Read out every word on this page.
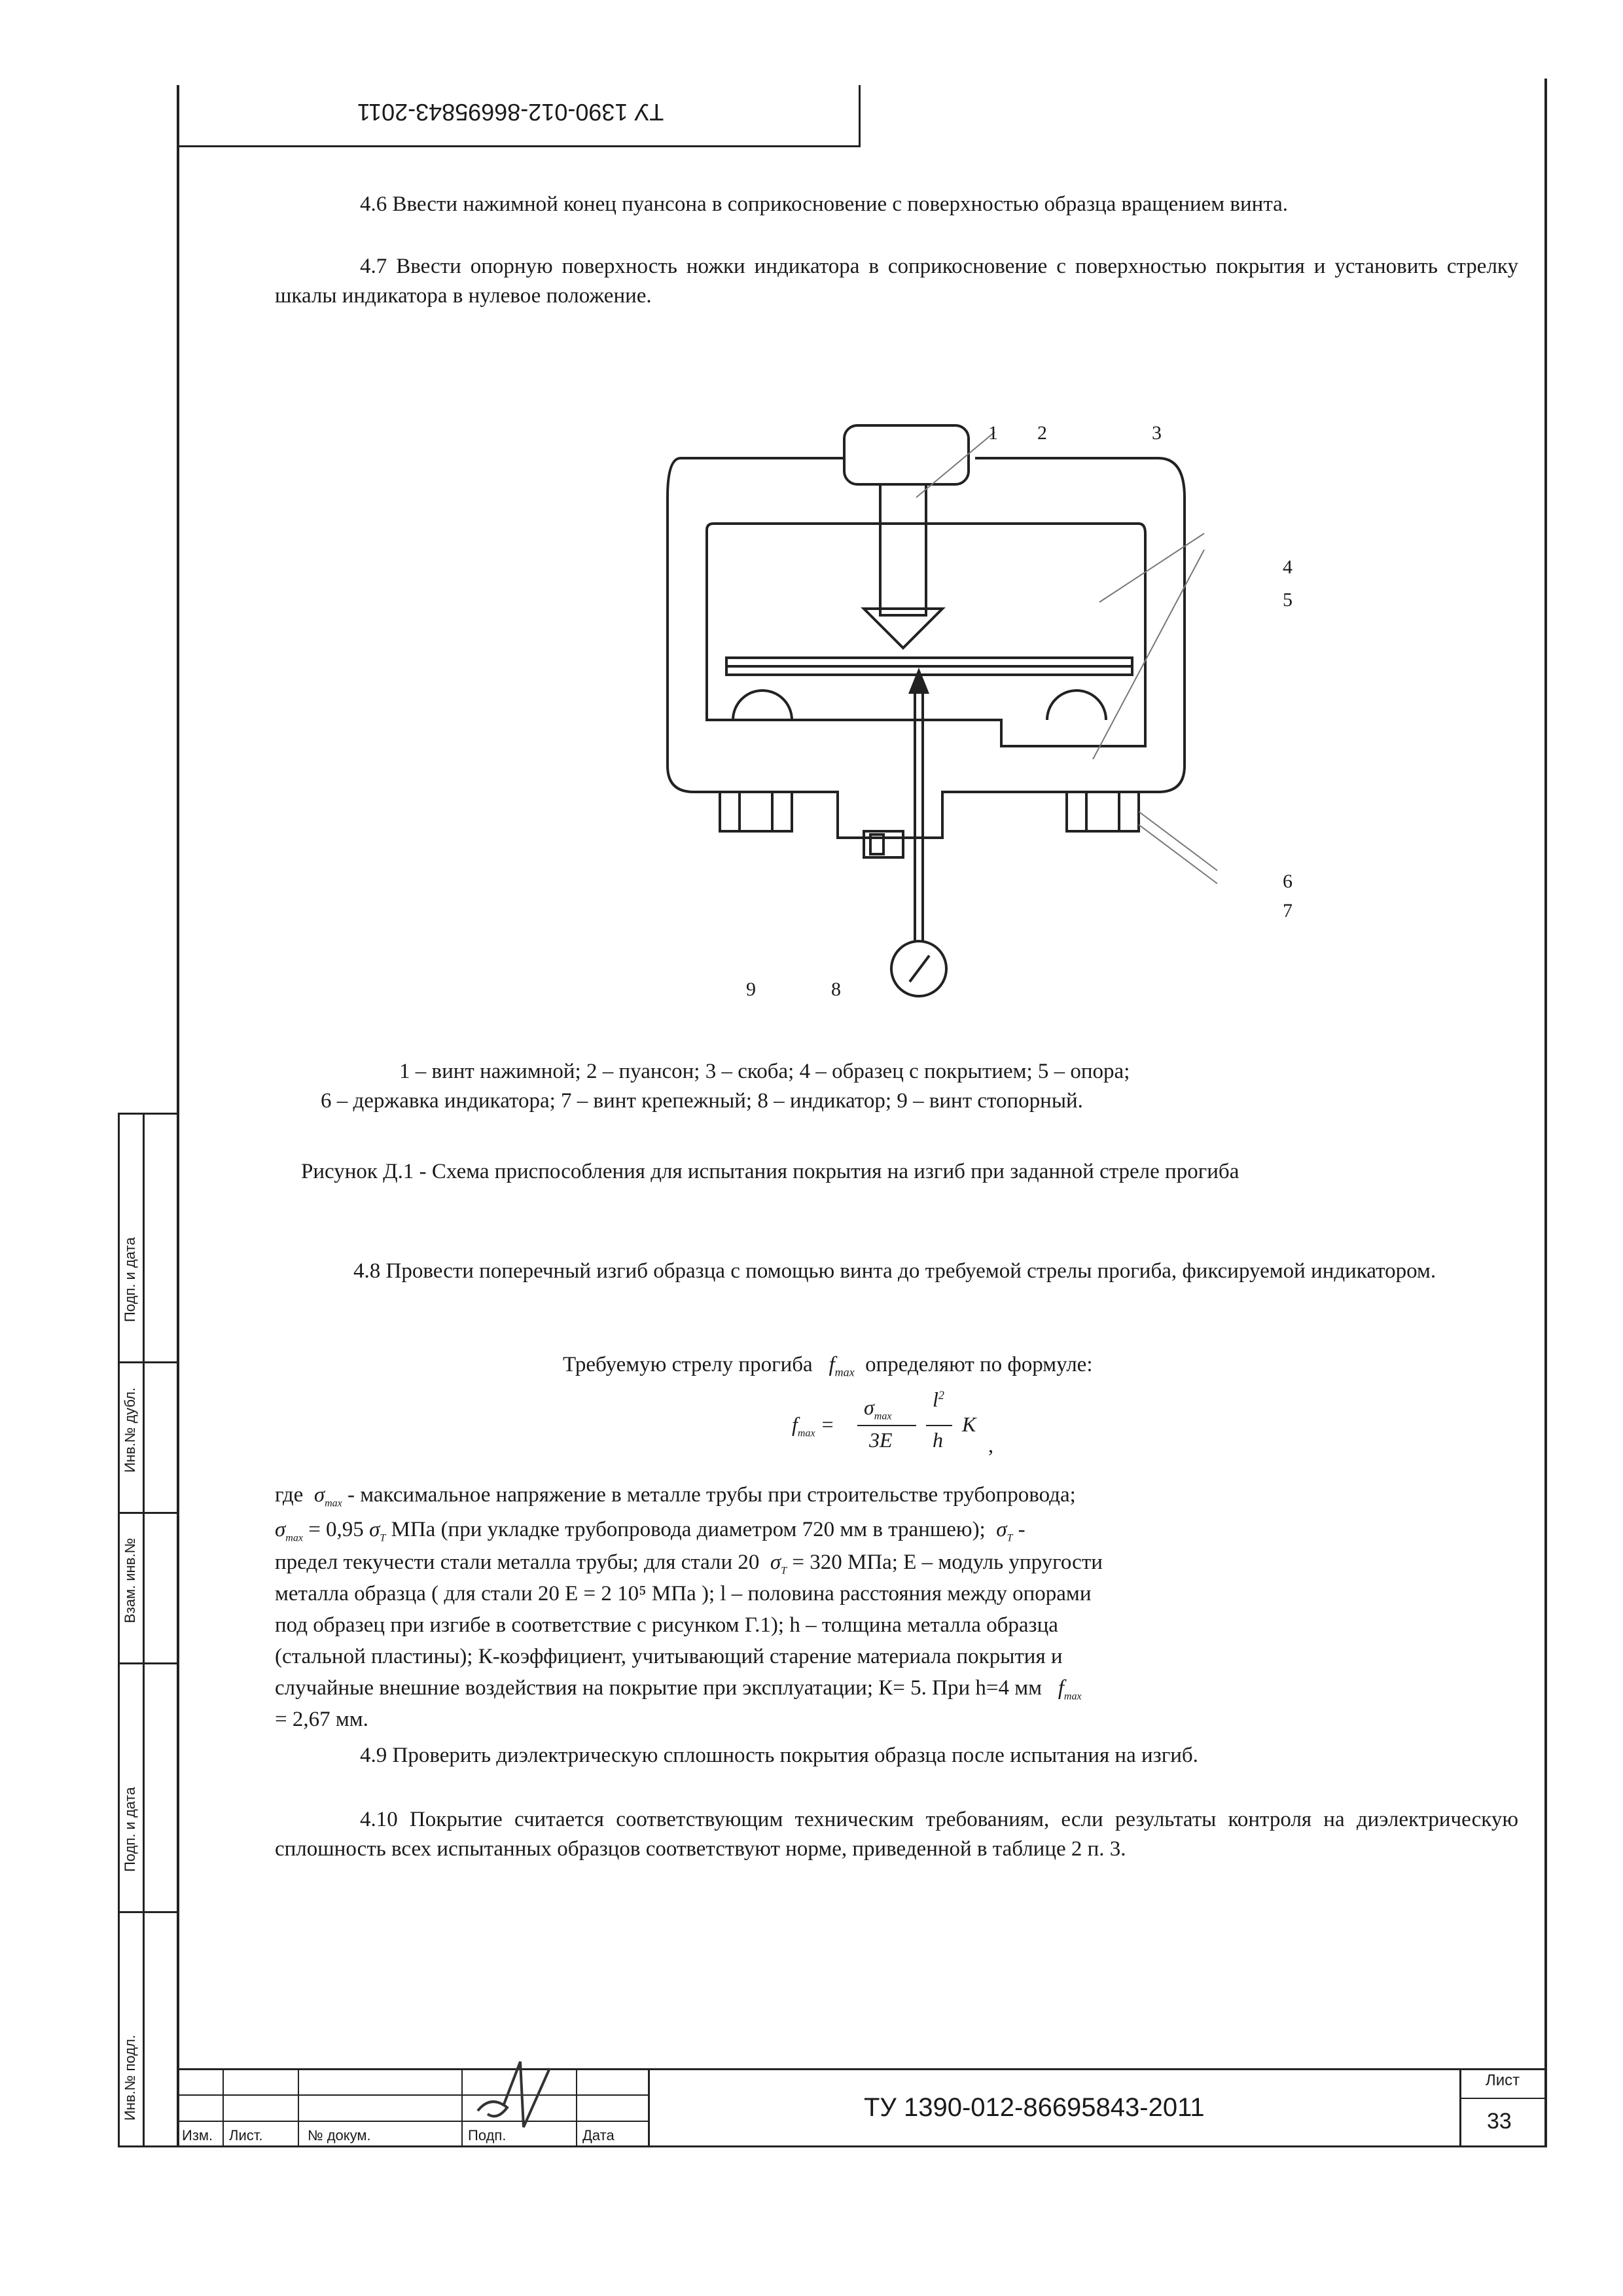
ТУ 1390-012-86695843-2011
4.6 Ввести нажимной конец пуансона в соприкосновение с поверхностью образца вращением винта.
4.7 Ввести опорную поверхность ножки индикатора в соприкосновение с поверхностью покрытия и установить стрелку шкалы индикатора в нулевое положение.
1 2	3
4
5
6
7
8
9
1 – винт нажимной; 2 – пуансон; 3 – скоба; 4 – образец с покрытием; 5 – опора;
6 – державка индикатора; 7 – винт крепежный; 8 – индикатор; 9 – винт стопорный.
Рисунок Д.1 - Схема приспособления для испытания покрытия на изгиб при заданной стреле прогиба
4.8 Провести поперечный изгиб образца с помощью винта до требуемой стрелы прогиба, фиксируемой индикатором.
Требуемую стрелу прогиба $f_{max}$ определяют по формуле:
$f_{max}$ =
$\sigma_{max}$
3E
$l^2$
h
K
,
где  $\sigma_{max}$ - максимальное напряжение в металле трубы при строительстве трубопровода;
$\sigma_{max} = 0,95$ $\sigma_T$ МПа (при укладке трубопровода диаметром 720 мм в траншею);  $\sigma_T$ -
предел текучести стали металла трубы; для стали 20  $\sigma_T = 320$ МПа; Е – модуль упругости
металла образца ( для стали 20 Е = 2 10⁵ МПа ); l – половина расстояния между опорами
под образец при изгибе в соответствие с рисунком Г.1); h – толщина металла образца
(стальной пластины); К-коэффициент, учитывающий старение материала покрытия и
случайные внешние воздействия на покрытие при эксплуатации; К= 5. При h=4 мм   $f_{max}$
= 2,67 мм.
4.9 Проверить диэлектрическую сплошность покрытия образца после испытания на изгиб.
4.10 Покрытие считается соответствующим техническим требованиям, если результаты контроля на диэлектрическую сплошность всех испытанных образцов соответствуют норме, приведенной в таблице 2 п. 3.
Инв.№ подл.
Подп. и дата
Взам. инв.№
Инв.№ дубл.
Подп. и дата
Изм. Лист.	№ докум.	Подп.	Дата
ТУ 1390-012-86695843-2011
Лист
33
